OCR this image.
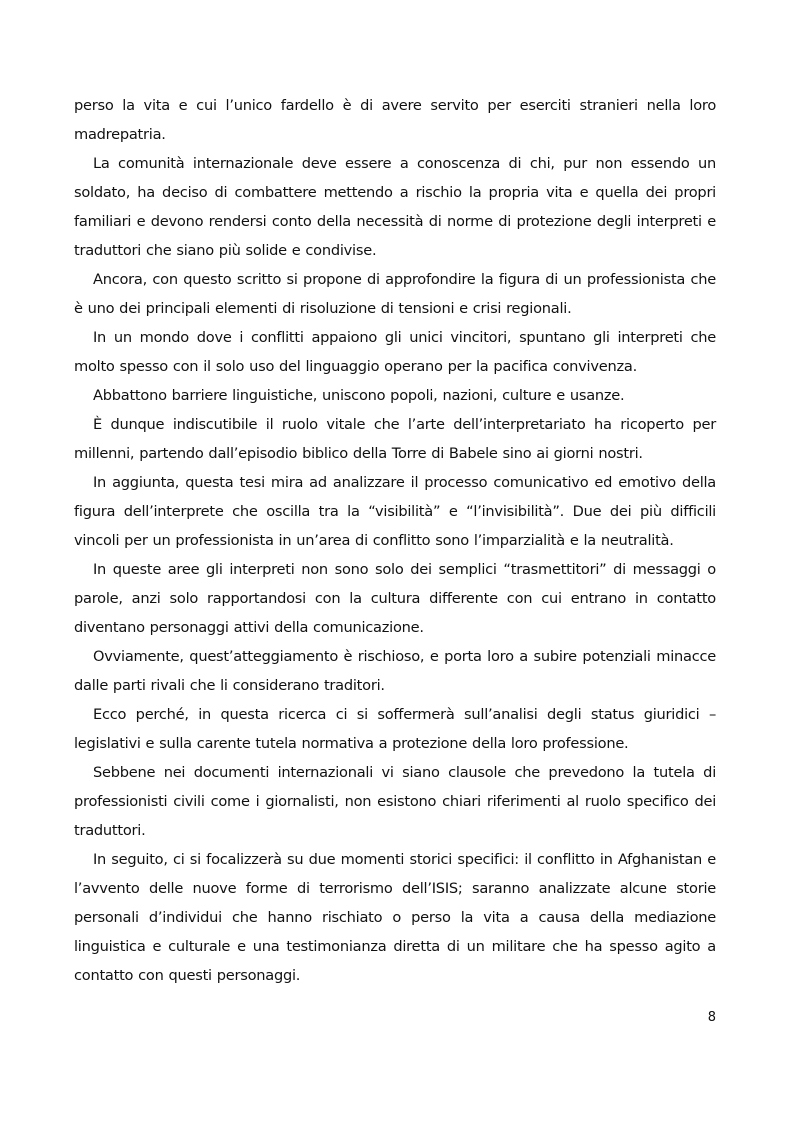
perso la vita e cui l’unico fardello è di avere servito per eserciti stranieri nella loro madrepatria.

La comunità internazionale deve essere a conoscenza di chi, pur non essendo un soldato, ha deciso di combattere mettendo a rischio la propria vita e quella dei propri familiari e devono rendersi conto della necessità di norme di protezione degli interpreti e traduttori che siano più solide e condivise.

Ancora, con questo scritto si propone di approfondire la figura di un professionista che è uno dei principali elementi di risoluzione di tensioni e crisi regionali.

In un mondo dove i conflitti appaiono gli unici vincitori, spuntano gli interpreti che molto spesso con il solo uso del linguaggio operano per la pacifica convivenza.

Abbattono barriere linguistiche, uniscono popoli, nazioni, culture e usanze.

È dunque indiscutibile il ruolo vitale che l’arte dell’interpretariato ha ricoperto per millenni, partendo dall’episodio biblico della Torre di Babele sino ai giorni nostri.

In aggiunta, questa tesi mira ad analizzare il processo comunicativo ed emotivo della figura dell’interprete che oscilla tra la “visibilità” e “l’invisibilità”. Due dei più difficili vincoli per un professionista in un’area di conflitto sono l’imparzialità e la neutralità.

In queste aree gli interpreti non sono solo dei semplici “trasmettitori” di messaggi o parole, anzi solo rapportandosi con la cultura differente con cui entrano in contatto diventano personaggi attivi della comunicazione.

Ovviamente, quest’atteggiamento è rischioso, e porta loro a subire potenziali minacce dalle parti rivali che li considerano traditori.

Ecco perché, in questa ricerca ci si soffermerà sull’analisi degli status giuridici – legislativi e sulla carente tutela normativa a protezione della loro professione.

Sebbene nei documenti internazionali vi siano clausole che prevedono la tutela di professionisti civili come i giornalisti, non esistono chiari riferimenti al ruolo specifico dei traduttori.

In seguito, ci si focalizzerà su due momenti storici specifici: il conflitto in Afghanistan e l’avvento delle nuove forme di terrorismo dell’ISIS; saranno analizzate alcune storie personali d’individui che hanno rischiato o perso la vita a causa della mediazione linguistica e culturale e una testimonianza diretta di un militare che ha spesso agito a contatto con questi personaggi.

8
